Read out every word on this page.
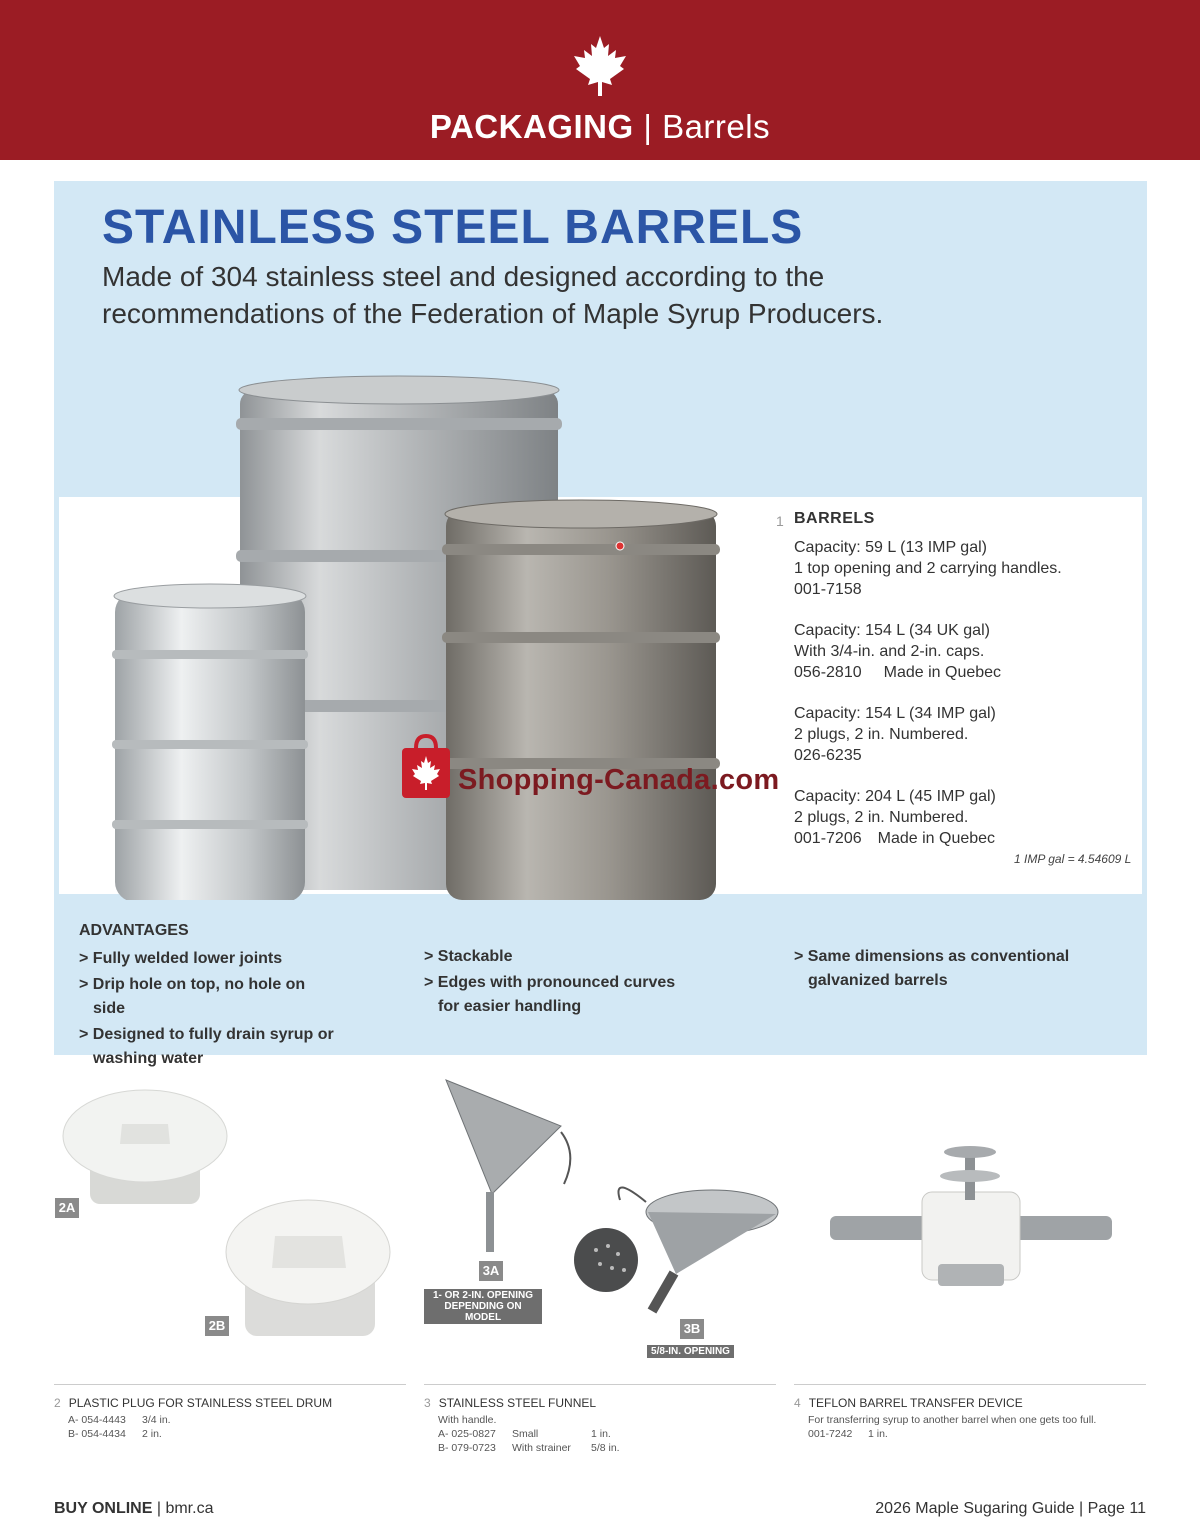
PACKAGING | Barrels
STAINLESS STEEL BARRELS
Made of 304 stainless steel and designed according to the recommendations of the Federation of Maple Syrup Producers.
1 BARRELS
Capacity: 59 L (13 IMP gal)
1 top opening and 2 carrying handles.
001-7158
Capacity: 154 L (34 UK gal)
With 3/4-in. and 2-in. caps.
056-2810 Made in Quebec
Capacity: 154 L (34 IMP gal)
2 plugs, 2 in. Numbered.
026-6235
Capacity: 204 L (45 IMP gal)
2 plugs, 2 in. Numbered.
001-7206 Made in Quebec
1 IMP gal = 4.54609 L
Shopping-Canada.com
ADVANTAGES
> Fully welded lower joints
> Drip hole on top, no hole on side
> Designed to fully drain syrup or washing water
> Stackable
> Edges with pronounced curves for easier handling
> Same dimensions as conventional galvanized barrels
2A
2B
3A
1- OR 2-IN. OPENING
DEPENDING ON MODEL
3B
5/8-IN. OPENING
2 PLASTIC PLUG FOR STAINLESS STEEL DRUM
A- 054-4443 3/4 in.
B- 054-4434 2 in.
3 STAINLESS STEEL FUNNEL
With handle.
A- 025-0827 Small	1 in.
B- 079-0723 With strainer 5/8 in.
4 TEFLON BARREL TRANSFER DEVICE
For transferring syrup to another barrel when one gets too full.
001-7242 1 in.
BUY ONLINE | bmr.ca	2026 Maple Sugaring Guide | Page 11
